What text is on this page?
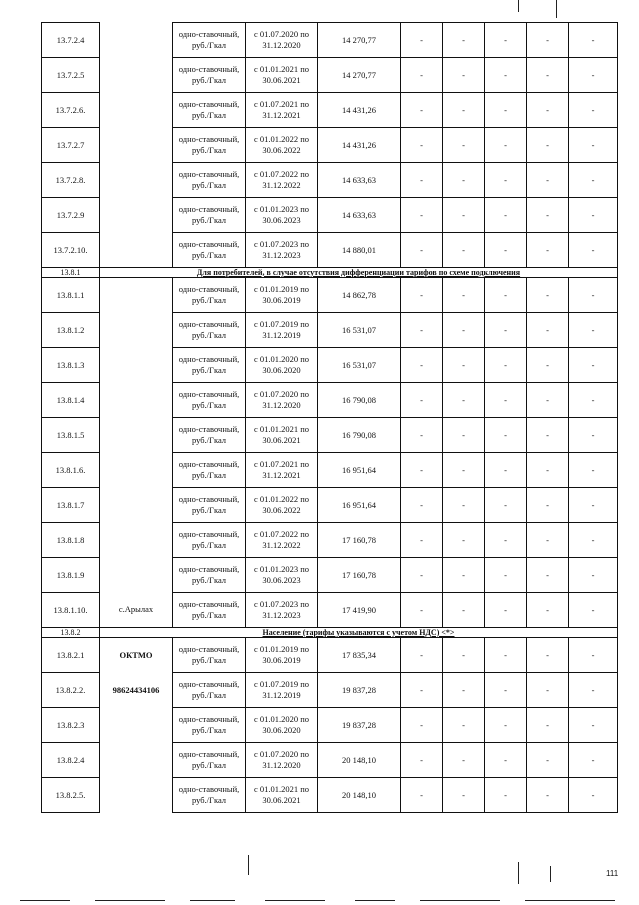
13.7.2.4		одно-ставочный, руб./Гкал	с 01.07.2020 по 31.12.2020	14 270,77	-	-	-	-	-
13.7.2.5		одно-ставочный, руб./Гкал	с 01.01.2021 по 30.06.2021	14 270,77	-	-	-	-	-
13.7.2.6.		одно-ставочный, руб./Гкал	с 01.07.2021 по 31.12.2021	14 431,26	-	-	-	-	-
13.7.2.7		одно-ставочный, руб./Гкал	с 01.01.2022 по 30.06.2022	14 431,26	-	-	-	-	-
13.7.2.8.		одно-ставочный, руб./Гкал	с 01.07.2022 по 31.12.2022	14 633,63	-	-	-	-	-
13.7.2.9		одно-ставочный, руб./Гкал	с 01.01.2023 по 30.06.2023	14 633,63	-	-	-	-	-
13.7.2.10.		одно-ставочный, руб./Гкал	с 01.07.2023 по 31.12.2023	14 880,01	-	-	-	-	-
13.8.1	Для потребителей, в случае отсутствия дифференциации тарифов по схеме подключения								
13.8.1.1		одно-ставочный, руб./Гкал	с 01.01.2019 по 30.06.2019	14 862,78	-	-	-	-	-
13.8.1.2		одно-ставочный, руб./Гкал	с 01.07.2019 по 31.12.2019	16 531,07	-	-	-	-	-
13.8.1.3		одно-ставочный, руб./Гкал	с 01.01.2020 по 30.06.2020	16 531,07	-	-	-	-	-
13.8.1.4		одно-ставочный, руб./Гкал	с 01.07.2020 по 31.12.2020	16 790,08	-	-	-	-	-
13.8.1.5		одно-ставочный, руб./Гкал	с 01.01.2021 по 30.06.2021	16 790,08	-	-	-	-	-
13.8.1.6.		одно-ставочный, руб./Гкал	с 01.07.2021 по 31.12.2021	16 951,64	-	-	-	-	-
13.8.1.7		одно-ставочный, руб./Гкал	с 01.01.2022 по 30.06.2022	16 951,64	-	-	-	-	-
13.8.1.8		одно-ставочный, руб./Гкал	с 01.07.2022 по 31.12.2022	17 160,78	-	-	-	-	-
13.8.1.9		одно-ставочный, руб./Гкал	с 01.01.2023 по 30.06.2023	17 160,78	-	-	-	-	-
13.8.1.10.	с.Арылах	одно-ставочный, руб./Гкал	с 01.07.2023 по 31.12.2023	17 419,90	-	-	-	-	-
13.8.2	Население (тарифы указываются с учетом НДС) <*>								
13.8.2.1	ОКТМО	одно-ставочный, руб./Гкал	с 01.01.2019 по 30.06.2019	17 835,34	-	-	-	-	-
13.8.2.2.	98624434106	одно-ставочный, руб./Гкал	с 01.07.2019 по 31.12.2019	19 837,28	-	-	-	-	-
13.8.2.3		одно-ставочный, руб./Гкал	с 01.01.2020 по 30.06.2020	19 837,28	-	-	-	-	-
13.8.2.4		одно-ставочный, руб./Гкал	с 01.07.2020 по 31.12.2020	20 148,10	-	-	-	-	-
13.8.2.5.		одно-ставочный, руб./Гкал	с 01.01.2021 по 30.06.2021	20 148,10	-	-	-	-	-
111
